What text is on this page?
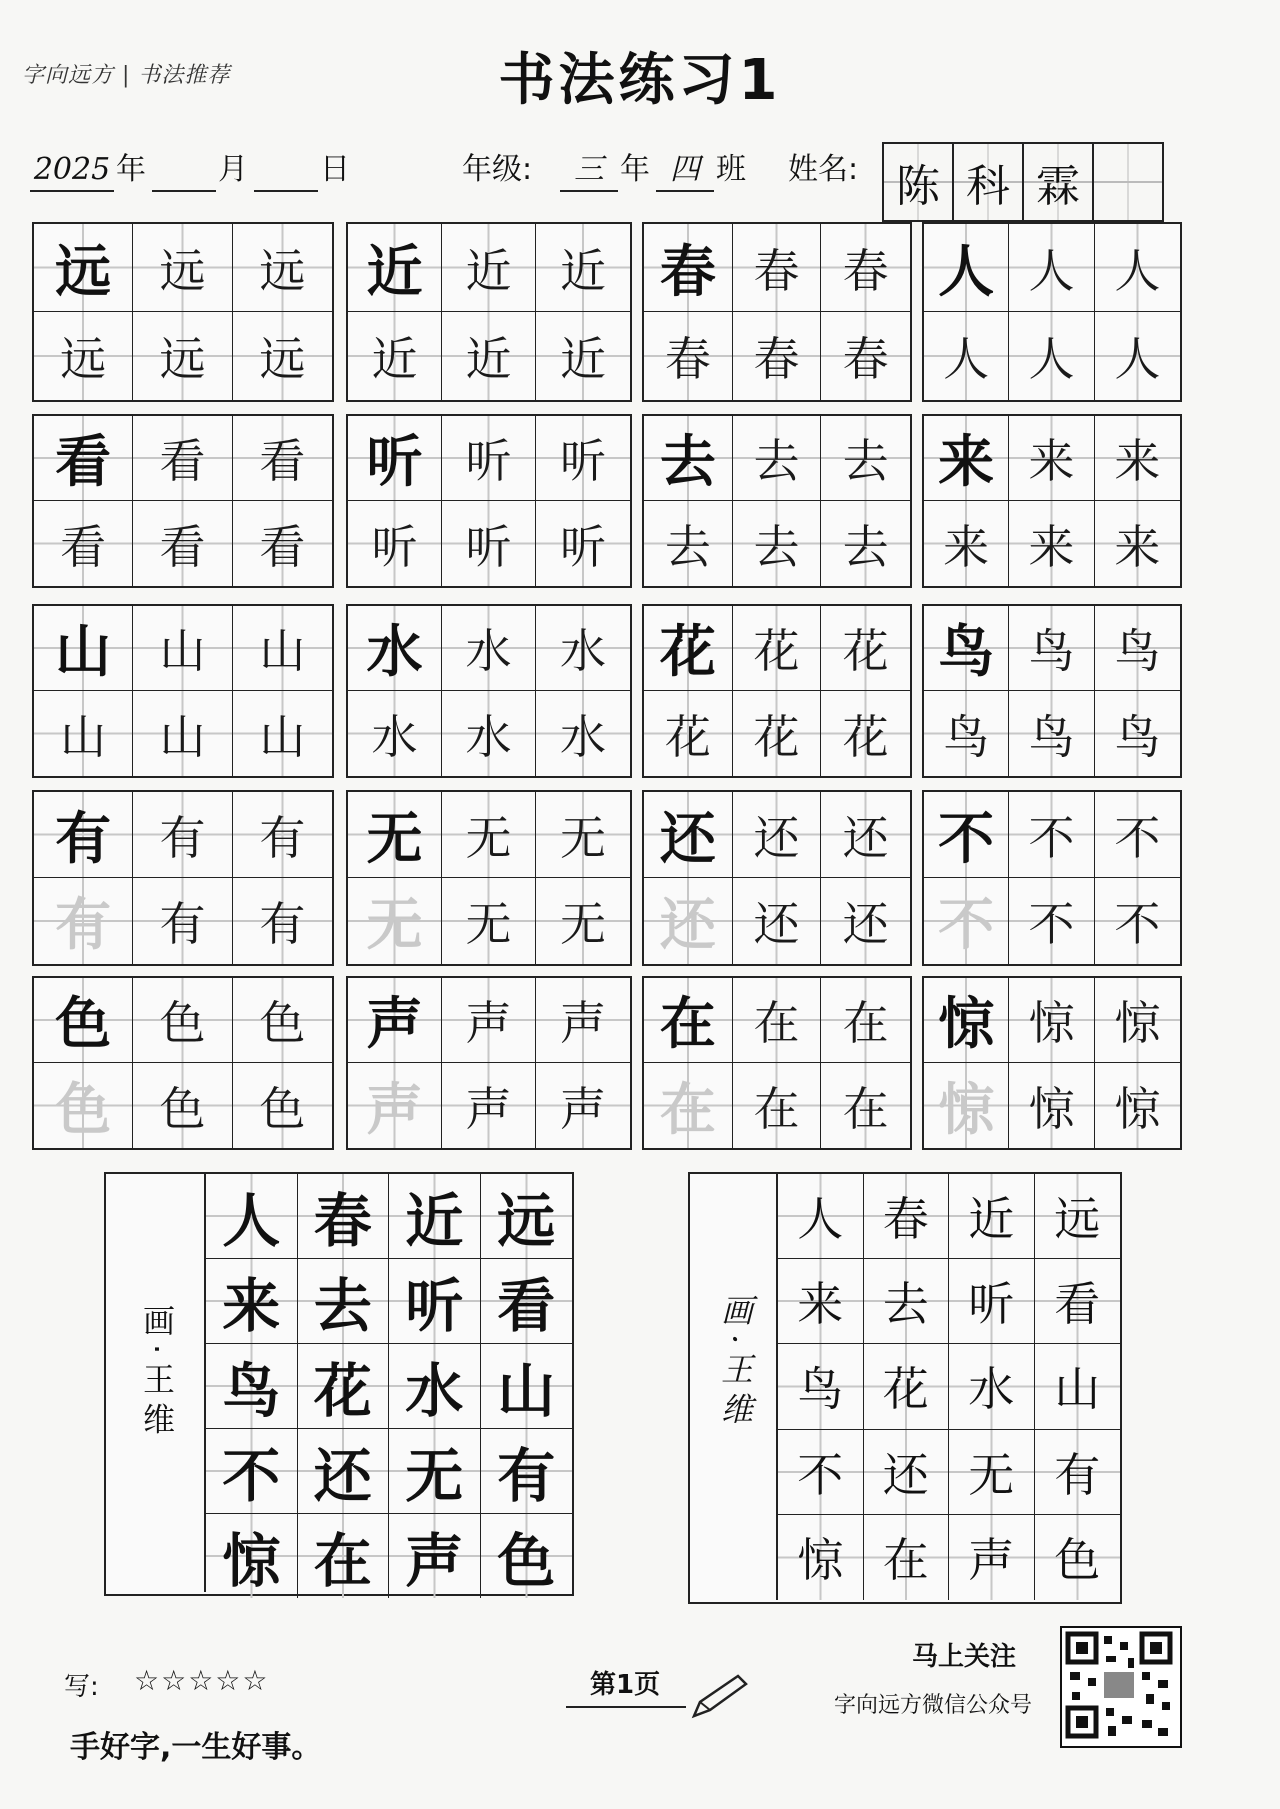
字向远方 | 书法推荐	书法练习1
2025 年 月 日	年级:	三 年 四 班 姓名: 陈 科 霖
远	远	远
远	远	远
近 近	近
近	近	近
春 春 春
春 春 春
人 人 人
人 人 人
看	看	看
看	看	看
听 听	听
听	听	听
去 去 去
去 去 去
来 来 来
来 来 来
山	山	山
山	山	山
水 水	水
水	水	水
花 花 花
花 花 花
鸟 鸟 鸟
鸟 鸟 鸟
有	有	有
有	有	有
无 无	无
无 无	无
还 还 还
还 还 还
不 不 不
不 不 不
色	色	色
色	色	色
声 声	声
声 声	声
在 在 在
在 在 在
惊 惊 惊
惊 惊 惊
画·王维
人 春 近 远
来 去 听 看
鸟 花 水 山
不 还 无 有
惊 在 声 色
画·王维
人 春 近 远
来 去 听 看
鸟 花 水 山
不 还 无 有
惊 在 声 色
写: ☆☆☆☆☆
手好字,一生好事。
第1页
马上关注
字向远方微信公众号
